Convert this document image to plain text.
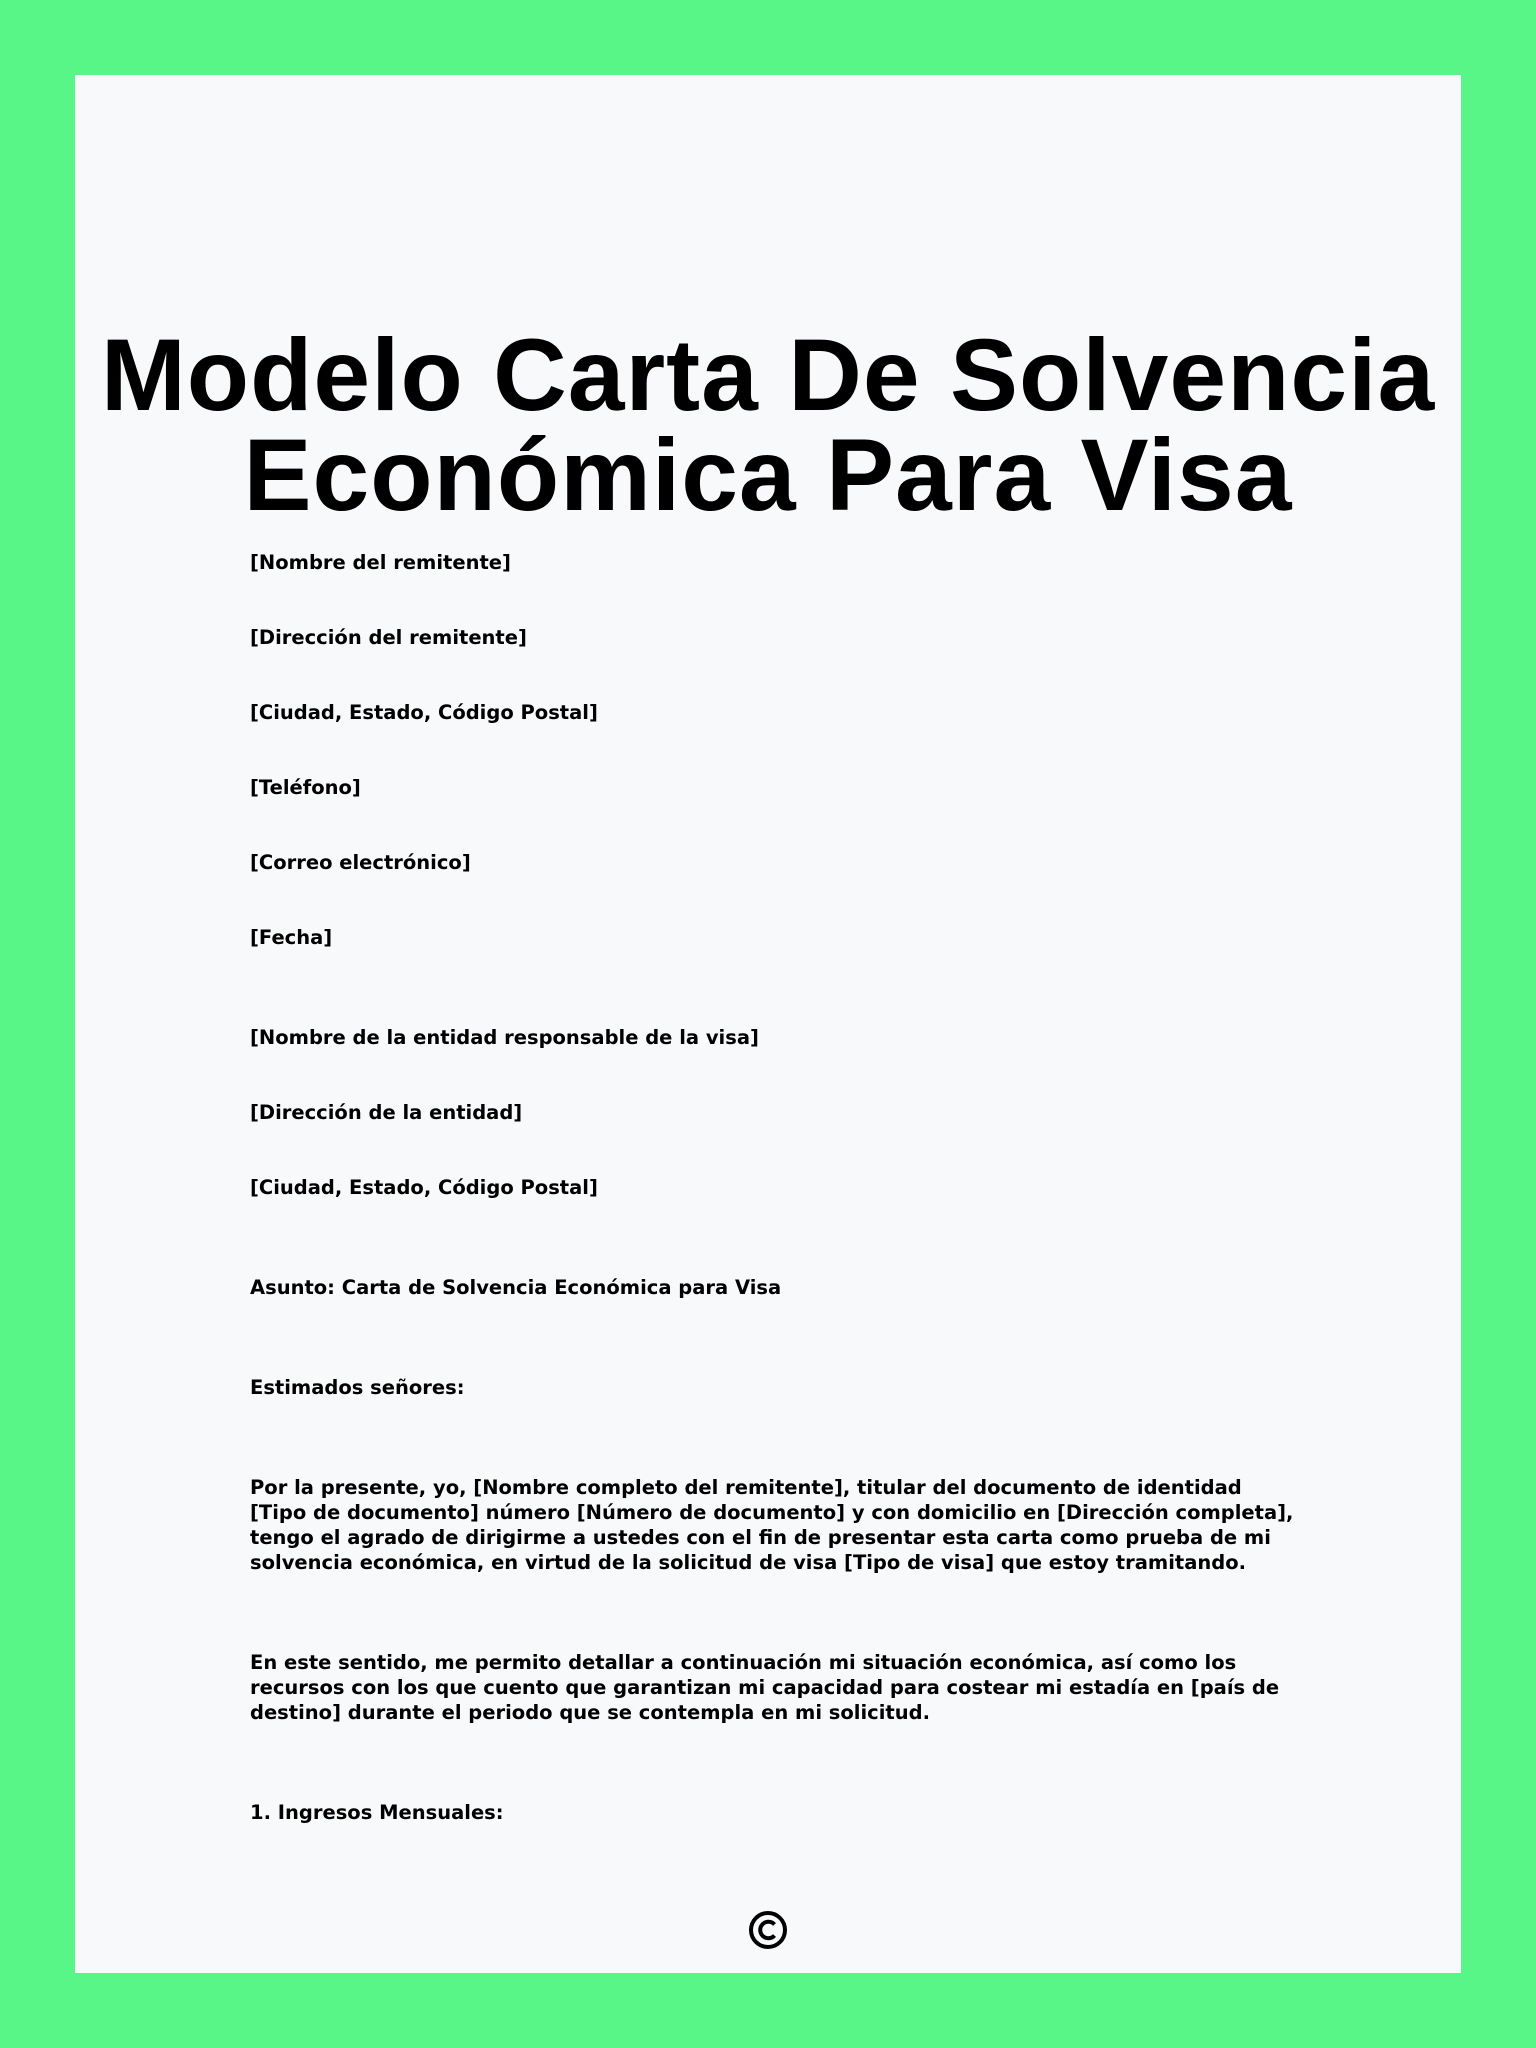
Modelo Carta De Solvencia Económica Para Visa

[Nombre del remitente]

[Dirección del remitente]

[Ciudad, Estado, Código Postal]

[Teléfono]

[Correo electrónico]

[Fecha]

[Nombre de la entidad responsable de la visa]

[Dirección de la entidad]

[Ciudad, Estado, Código Postal]

Asunto: Carta de Solvencia Económica para Visa

Estimados señores:

Por la presente, yo, [Nombre completo del remitente], titular del documento de identidad [Tipo de documento] número [Número de documento] y con domicilio en [Dirección completa], tengo el agrado de dirigirme a ustedes con el fin de presentar esta carta como prueba de mi solvencia económica, en virtud de la solicitud de visa [Tipo de visa] que estoy tramitando.

En este sentido, me permito detallar a continuación mi situación económica, así como los recursos con los que cuento que garantizan mi capacidad para costear mi estadía en [país de destino] durante el periodo que se contempla en mi solicitud.

1. Ingresos Mensuales:
